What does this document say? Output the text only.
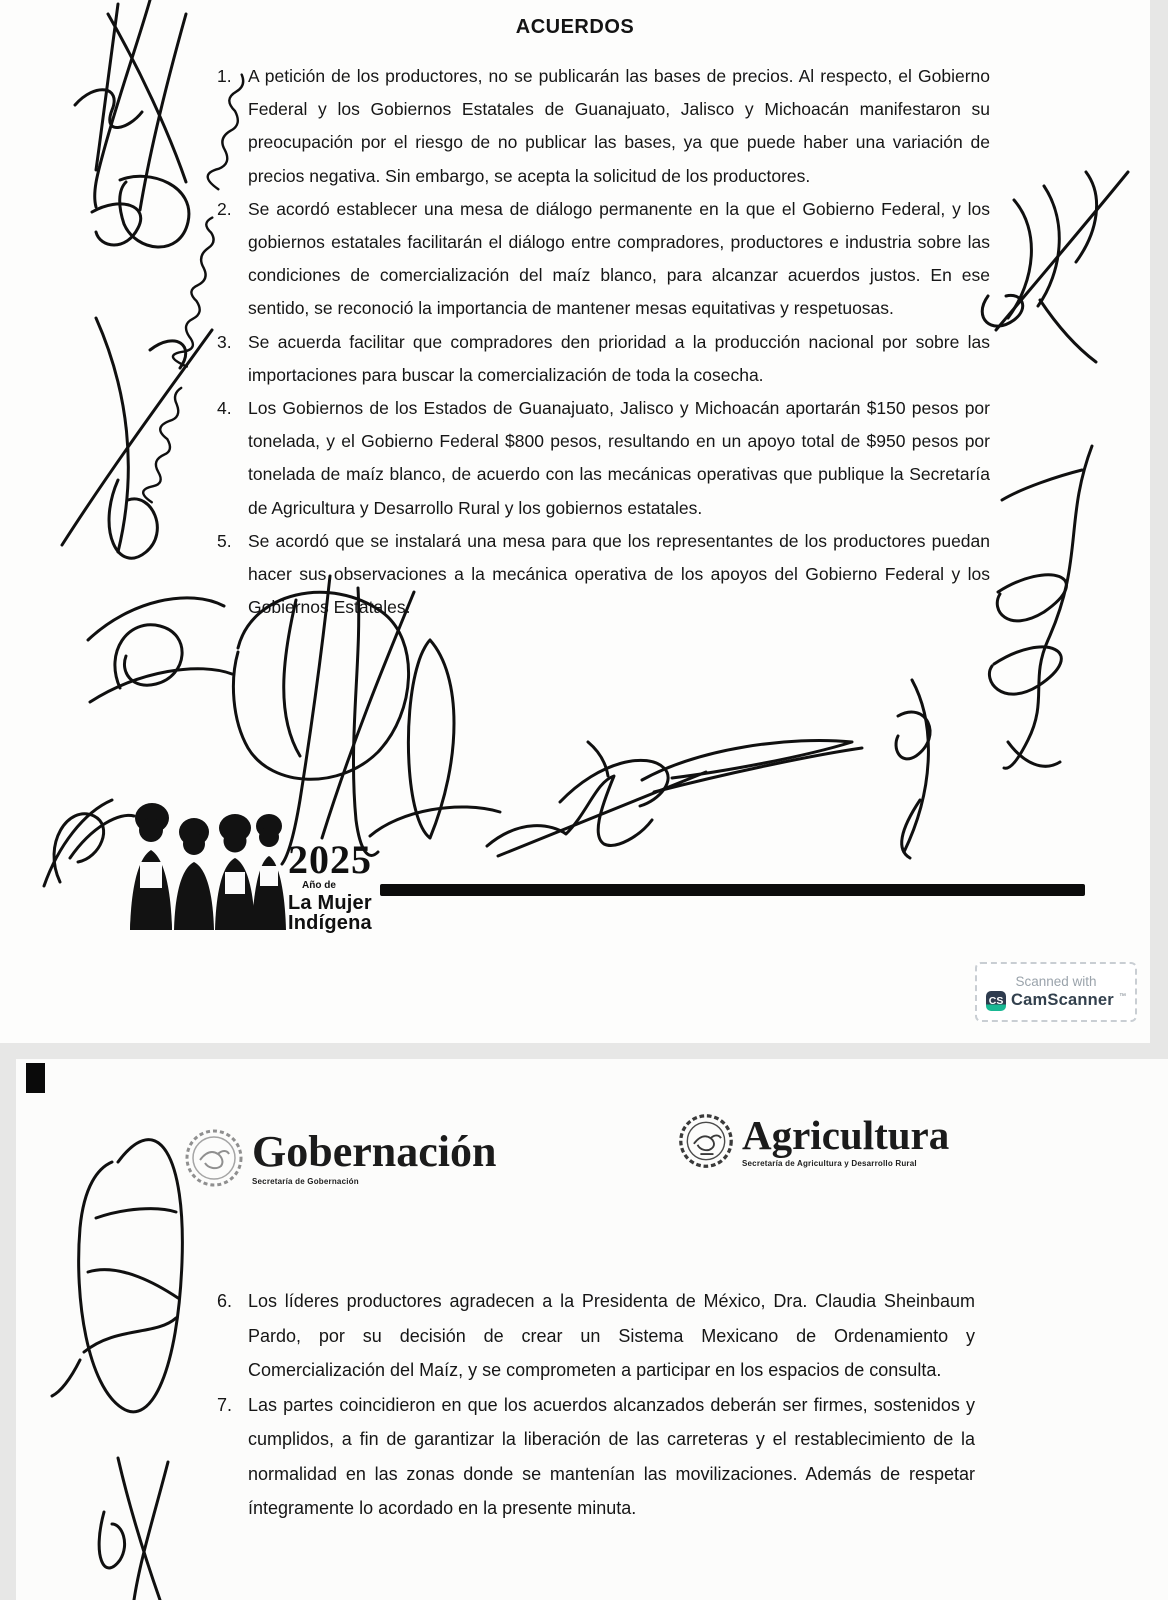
ACUERDOS
1. A petición de los productores, no se publicarán las bases de precios. Al respecto, el Gobierno Federal y los Gobiernos Estatales de Guanajuato, Jalisco y Michoacán manifestaron su preocupación por el riesgo de no publicar las bases, ya que puede haber una variación de precios negativa. Sin embargo, se acepta la solicitud de los productores.

2. Se acordó establecer una mesa de diálogo permanente en la que el Gobierno Federal, y los gobiernos estatales facilitarán el diálogo entre compradores, productores e industria sobre las condiciones de comercialización del maíz blanco, para alcanzar acuerdos justos. En ese sentido, se reconoció la importancia de mantener mesas equitativas y respetuosas.

3. Se acuerda facilitar que compradores den prioridad a la producción nacional por sobre las importaciones para buscar la comercialización de toda la cosecha.

4. Los Gobiernos de los Estados de Guanajuato, Jalisco y Michoacán aportarán $150 pesos por tonelada, y el Gobierno Federal $800 pesos, resultando en un apoyo total de $950 pesos por tonelada de maíz blanco, de acuerdo con las mecánicas operativas que publique la Secretaría de Agricultura y Desarrollo Rural y los gobiernos estatales.

5. Se acordó que se instalará una mesa para que los representantes de los productores puedan hacer sus observaciones a la mecánica operativa de los apoyos del Gobierno Federal y los Gobiernos Estatales.

2025
Año de
La Mujer
Indígena
Scanned with
CS CamScanner ™
Gobernación
Secretaría de Gobernación
Agricultura
Secretaría de Agricultura y Desarrollo Rural
6. Los líderes productores agradecen a la Presidenta de México, Dra. Claudia Sheinbaum Pardo, por su decisión de crear un Sistema Mexicano de Ordenamiento y Comercialización del Maíz, y se comprometen a participar en los espacios de consulta.

7. Las partes coincidieron en que los acuerdos alcanzados deberán ser firmes, sostenidos y cumplidos, a fin de garantizar la liberación de las carreteras y el restablecimiento de la normalidad en las zonas donde se mantenían las movilizaciones. Además de respetar íntegramente lo acordado en la presente minuta.
